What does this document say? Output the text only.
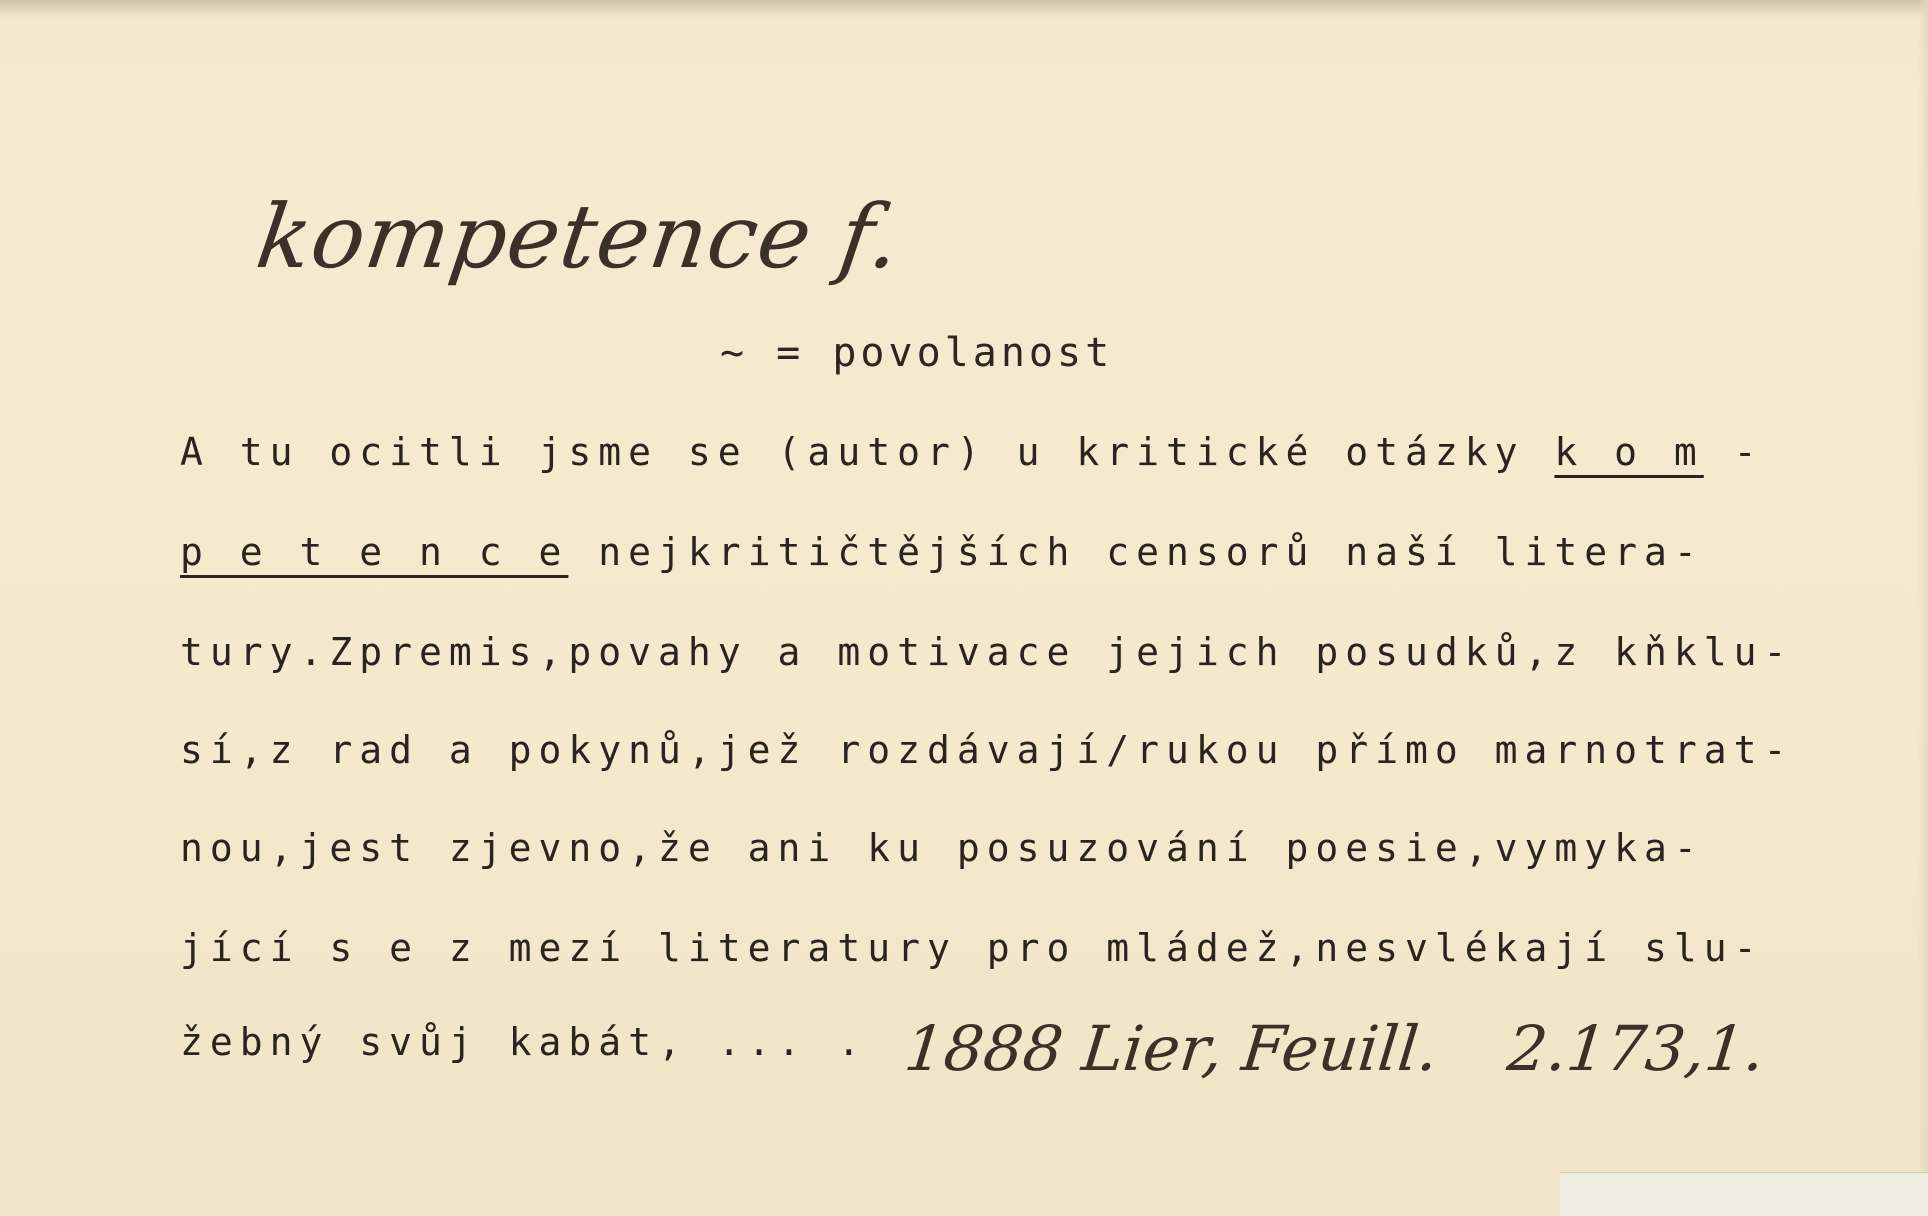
kompetence f.
~ = povolanost
A tu ocitli jsme se (autor) u kritické otázky k o m -
p e t e n c e nejkritičtějších censorů naší litera-
tury.Zpremis,povahy a motivace jejich posudků,z kňklu-
sí,z rad a pokynů,jež rozdávají/rukou přímo marnotrat-
nou,jest zjevno,že ani ku posuzování poesie,vymyka-
jící s e z mezí literatury pro mládež,nesvlékají slu-
žebný svůj kabát, ... . 1888 Lier, Feuill. 2.173,1.
